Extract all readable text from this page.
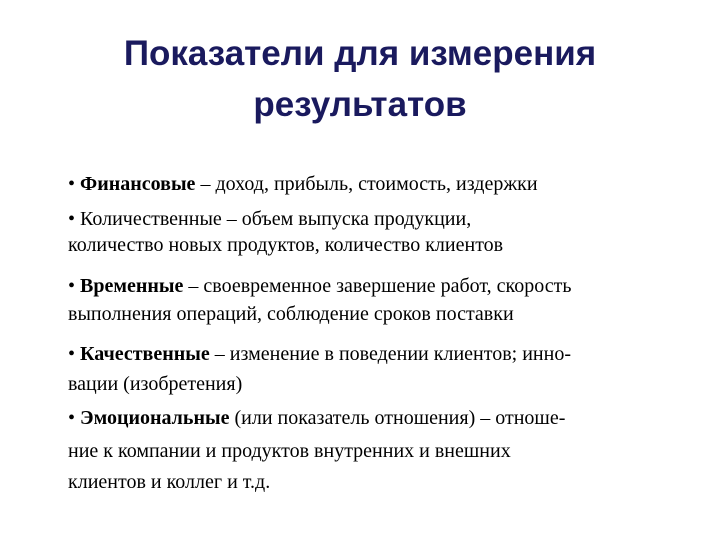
Показатели для измерения
результатов
• Финансовые – доход, прибыль, стоимость, издержки
• Количественные – объем выпуска продукции,
количество новых продуктов, количество клиентов
• Временные – своевременное завершение работ, скорость
выполнения операций, соблюдение сроков поставки
• Качественные – изменение в поведении клиентов; инно-
вации (изобретения)
• Эмоциональные (или показатель отношения) – отноше-
ние к компании и продуктов внутренних и внешних
клиентов и коллег и т.д.
